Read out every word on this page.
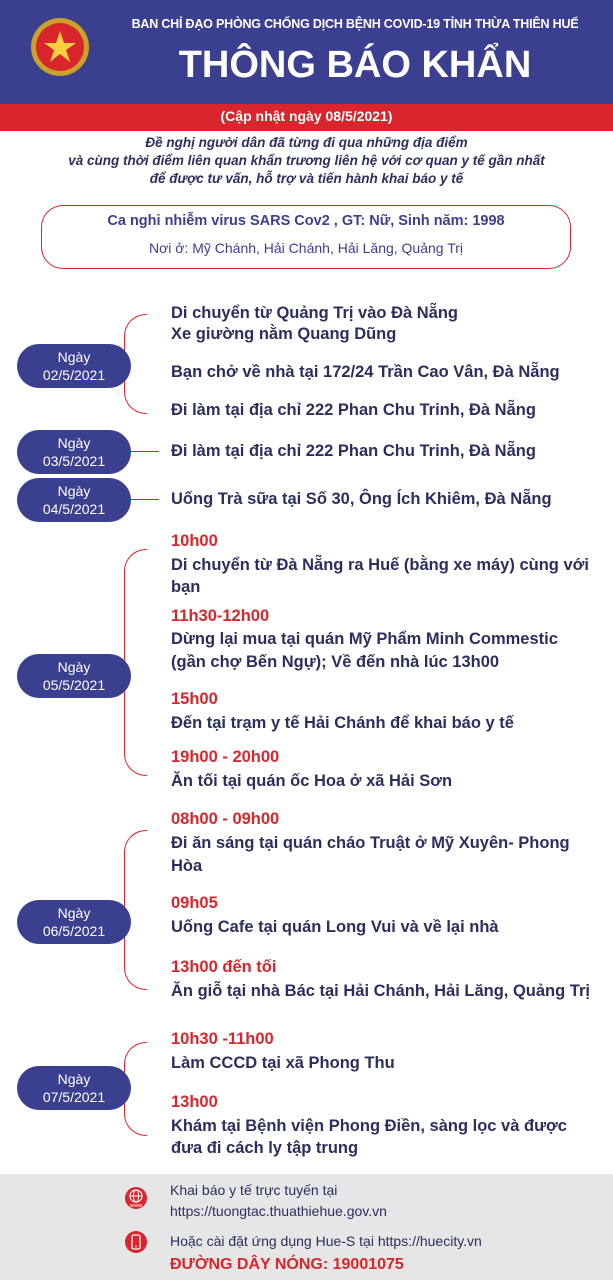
BAN CHỈ ĐẠO PHÒNG CHỐNG DỊCH BỆNH COVID-19 TỈNH THỪA THIÊN HUẾ
THÔNG BÁO KHẨN
(Cập nhật ngày 08/5/2021)
Đề nghị người dân đã từng đi qua những địa điểm
và cùng thời điểm liên quan khẩn trương liên hệ với cơ quan y tế gần nhất
để được tư vấn, hỗ trợ và tiến hành khai báo y tế
Ca nghi nhiễm virus SARS Cov2 , GT: Nữ, Sinh năm: 1998
Nơi ở: Mỹ Chánh, Hải Chánh, Hải Lăng, Quảng Trị
Ngày
02/5/2021
Di chuyển từ Quảng Trị vào Đà Nẵng
Xe giường nằm Quang Dũng
Bạn chở về nhà tại 172/24 Trần Cao Vân, Đà Nẵng
Đi làm tại địa chỉ 222 Phan Chu Trinh, Đà Nẵng
Ngày
03/5/2021
Đi làm tại địa chỉ 222 Phan Chu Trinh, Đà Nẵng
Ngày
04/5/2021
Uống Trà sữa tại Số 30, Ông Ích Khiêm, Đà Nẵng
Ngày
05/5/2021
10h00
Di chuyển từ Đà Nẵng ra Huế (bằng xe máy) cùng với
bạn
11h30-12h00
Dừng lại mua tại quán Mỹ Phẩm Minh Commestic
(gần chợ Bến Ngự); Về đến nhà lúc 13h00
15h00
Đến tại trạm y tế Hải Chánh để khai báo y tế
19h00 - 20h00
Ăn tối tại quán ốc Hoa ở xã Hải Sơn
Ngày
06/5/2021
08h00 - 09h00
Đi ăn sáng tại quán cháo Truật ở Mỹ Xuyên- Phong
Hòa
09h05
Uống Cafe tại quán Long Vui và về lại nhà
13h00 đến tối
Ăn giỗ tại nhà Bác tại Hải Chánh, Hải Lăng, Quảng Trị
Ngày
07/5/2021
10h30 -11h00
Làm CCCD tại xã Phong Thu
13h00
Khám tại Bệnh viện Phong Điền, sàng lọc và được
đưa đi cách ly tập trung
www
Khai báo y tế trực tuyến tại
https://tuongtac.thuathiehue.gov.vn
Hoặc cài đặt ứng dụng Hue-S tại https://huecity.vn
ĐƯỜNG DÂY NÓNG: 19001075
